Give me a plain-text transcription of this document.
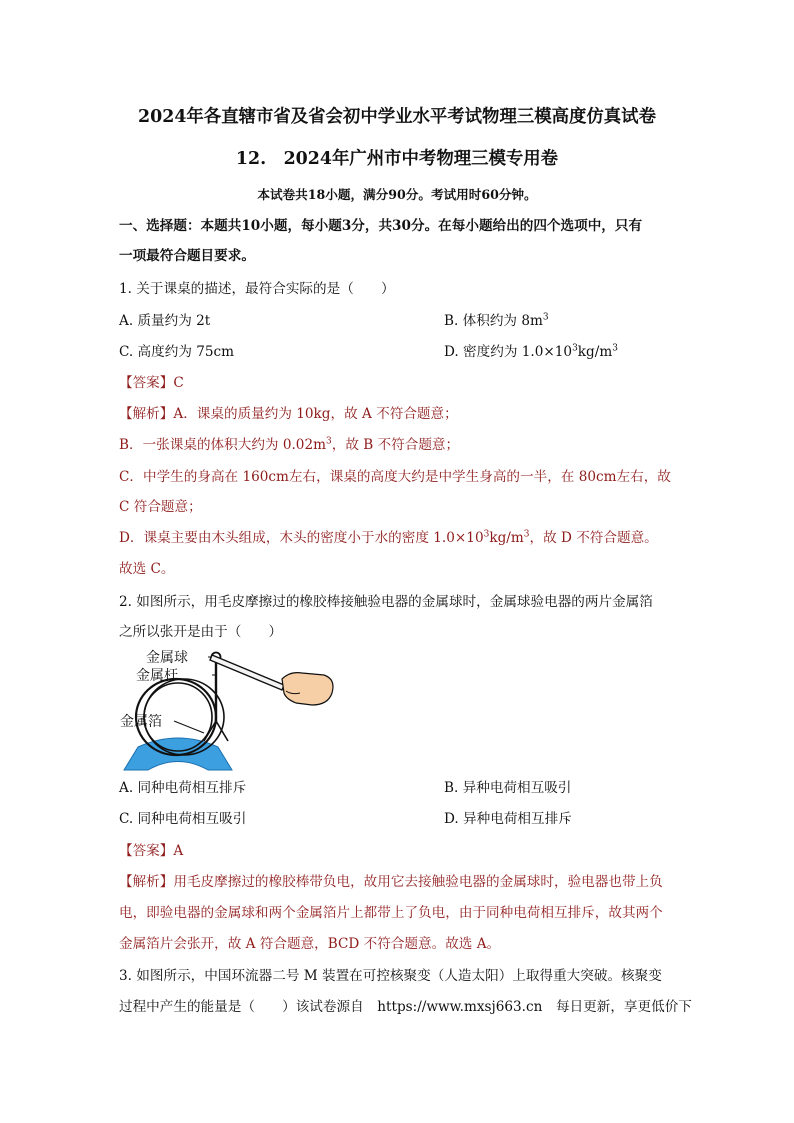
2024年各直辖市省及省会初中学业水平考试物理三模高度仿真试卷
12.　2024年广州市中考物理三模专用卷
本试卷共18小题，满分90分。考试用时60分钟。
一、选择题：本题共10小题，每小题3分，共30分。在每小题给出的四个选项中，只有
一项最符合题目要求。
1. 关于课桌的描述，最符合实际的是（　　）
A. 质量约为 2t	B. 体积约为 $8m^3$
C. 高度约为 75cm	D. 密度约为 $1.0\times 10^3kg/m^3$
【答案】C
【解析】A．课桌的质量约为 10kg，故 A 不符合题意；
B．一张课桌的体积大约为 $0.02m^3$，故 B 不符合题意；
C．中学生的身高在 160cm左右，课桌的高度大约是中学生身高的一半，在 80cm左右，故
C 符合题意；
D．课桌主要由木头组成，木头的密度小于水的密度 $1.0\times 10^3kg/m^3$，故 D 不符合题意。
故选 C。
2. 如图所示，用毛皮摩擦过的橡胶棒接触验电器的金属球时，金属球验电器的两片金属箔
之所以张开是由于（　　）
金属球
金属杆
金属箔
A. 同种电荷相互排斥	B. 异种电荷相互吸引
C. 同种电荷相互吸引	D. 异种电荷相互排斥
【答案】A
【解析】用毛皮摩擦过的橡胶棒带负电，故用它去接触验电器的金属球时，验电器也带上负
电，即验电器的金属球和两个金属箔片上都带上了负电，由于同种电荷相互排斥，故其两个
金属箔片会张开，故 A 符合题意，BCD 不符合题意。故选 A。
3. 如图所示，中国环流器二号 M 装置在可控核聚变（人造太阳）上取得重大突破。核聚变
过程中产生的能量是（　　）该试卷源自　https://www.mxsj663.cn　每日更新，享更低价下
